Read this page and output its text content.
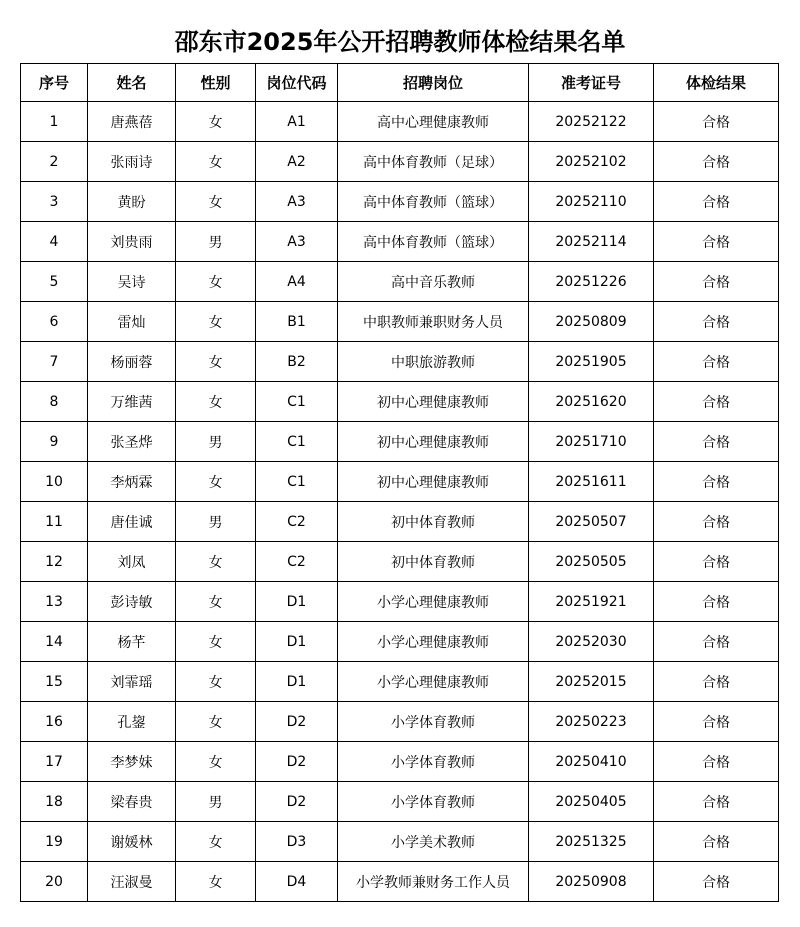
邵东市2025年公开招聘教师体检结果名单
序号	姓名	性别	岗位代码	招聘岗位	准考证号	体检结果
1	唐燕蓓	女	A1	高中心理健康教师	20252122	合格
2	张雨诗	女	A2	高中体育教师（足球）	20252102	合格
3	黄盼	女	A3	高中体育教师（篮球）	20252110	合格
4	刘贵雨	男	A3	高中体育教师（篮球）	20252114	合格
5	吴诗	女	A4	高中音乐教师	20251226	合格
6	雷灿	女	B1	中职教师兼职财务人员	20250809	合格
7	杨丽蓉	女	B2	中职旅游教师	20251905	合格
8	万维茜	女	C1	初中心理健康教师	20251620	合格
9	张圣烨	男	C1	初中心理健康教师	20251710	合格
10	李炳霖	女	C1	初中心理健康教师	20251611	合格
11	唐佳诚	男	C2	初中体育教师	20250507	合格
12	刘凤	女	C2	初中体育教师	20250505	合格
13	彭诗敏	女	D1	小学心理健康教师	20251921	合格
14	杨芊	女	D1	小学心理健康教师	20252030	合格
15	刘霏瑶	女	D1	小学心理健康教师	20252015	合格
16	孔鋆	女	D2	小学体育教师	20250223	合格
17	李梦妹	女	D2	小学体育教师	20250410	合格
18	梁春贵	男	D2	小学体育教师	20250405	合格
19	谢媛林	女	D3	小学美术教师	20251325	合格
20	汪淑曼	女	D4	小学教师兼财务工作人员	20250908	合格
